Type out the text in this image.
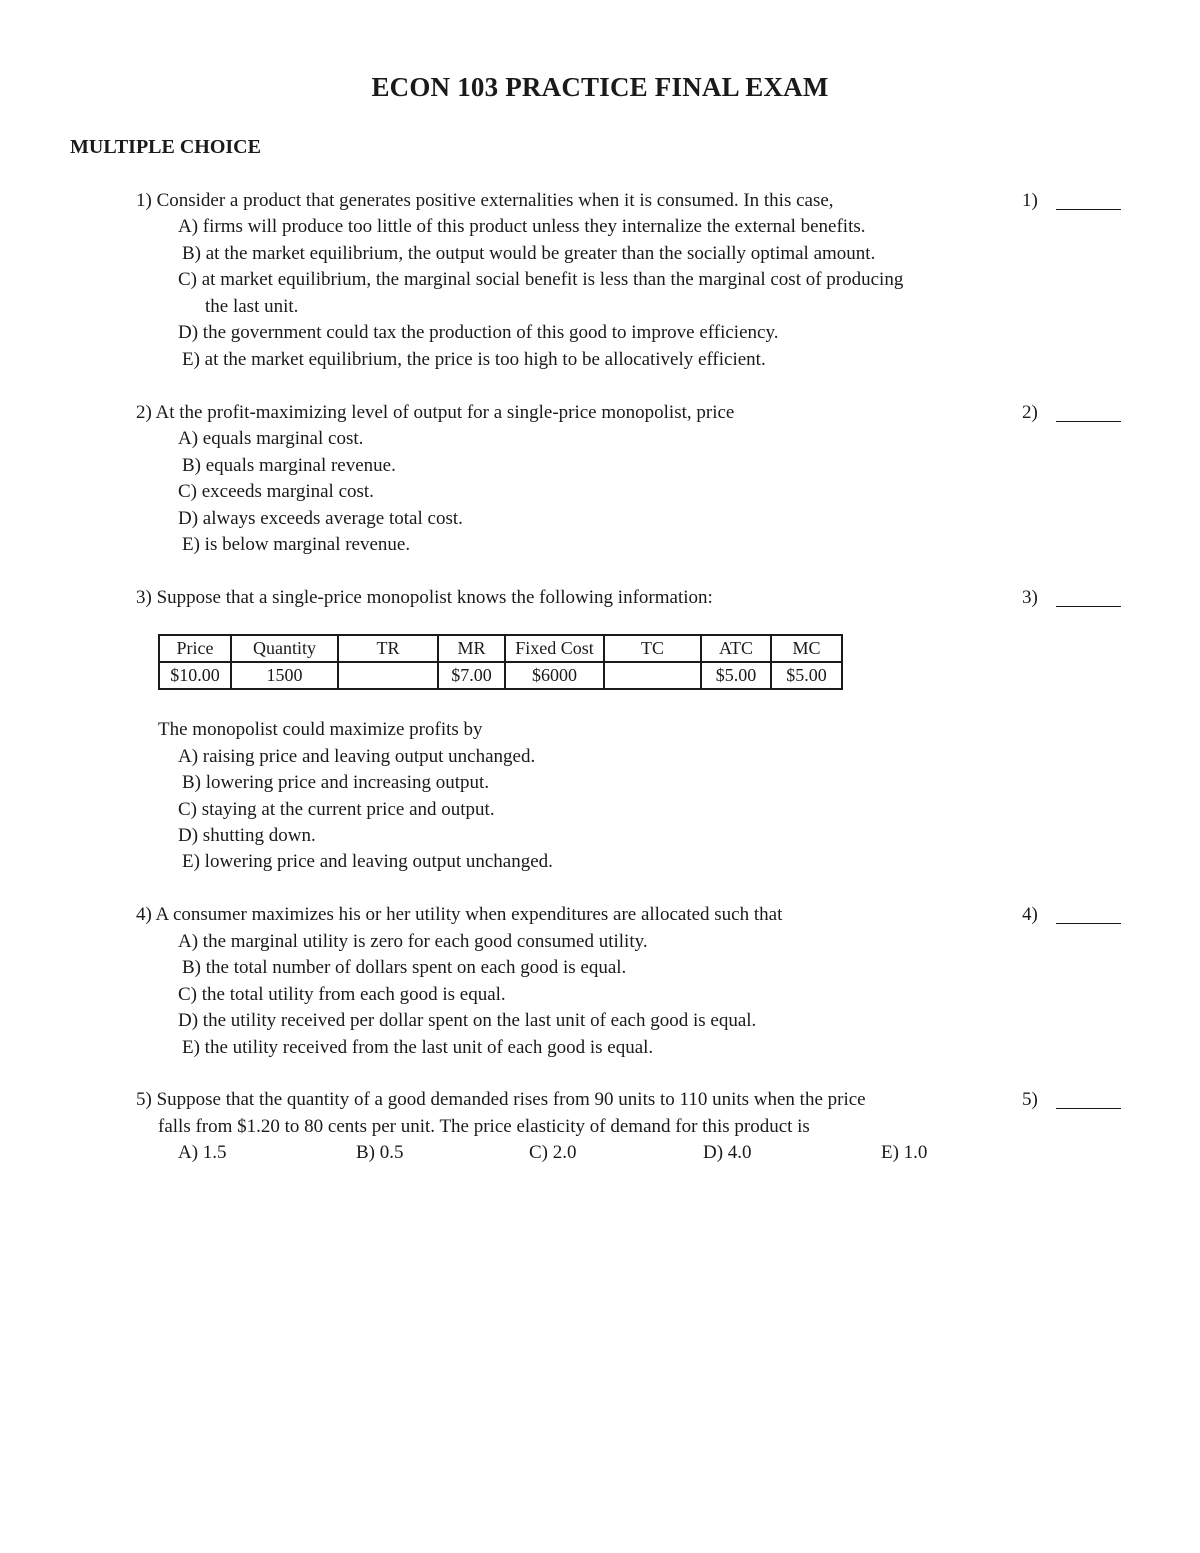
ECON 103 PRACTICE FINAL EXAM
MULTIPLE CHOICE
1) Consider a product that generates positive externalities when it is consumed. In this case,	1)
A) firms will produce too little of this product unless they internalize the external benefits.
B) at the market equilibrium, the output would be greater than the socially optimal amount.
C) at market equilibrium, the marginal social benefit is less than the marginal cost of producing
the last unit.
D) the government could tax the production of this good to improve efficiency.
E) at the market equilibrium, the price is too high to be allocatively efficient.
2) At the profit-maximizing level of output for a single-price monopolist, price	2)
A) equals marginal cost.
B) equals marginal revenue.
C) exceeds marginal cost.
D) always exceeds average total cost.
E) is below marginal revenue.
3) Suppose that a single-price monopolist knows the following information:	3)
Price	Quantity	TR	MR	Fixed Cost	TC	ATC	MC
$10.00	1500		$7.00	$6000		$5.00	$5.00
The monopolist could maximize profits by
A) raising price and leaving output unchanged.
B) lowering price and increasing output.
C) staying at the current price and output.
D) shutting down.
E) lowering price and leaving output unchanged.
4) A consumer maximizes his or her utility when expenditures are allocated such that	4)
A) the marginal utility is zero for each good consumed utility.
B) the total number of dollars spent on each good is equal.
C) the total utility from each good is equal.
D) the utility received per dollar spent on the last unit of each good is equal.
E) the utility received from the last unit of each good is equal.
5) Suppose that the quantity of a good demanded rises from 90 units to 110 units when the price	5)
falls from $1.20 to 80 cents per unit. The price elasticity of demand for this product is
A) 1.5	B) 0.5	C) 2.0	D) 4.0	E) 1.0
